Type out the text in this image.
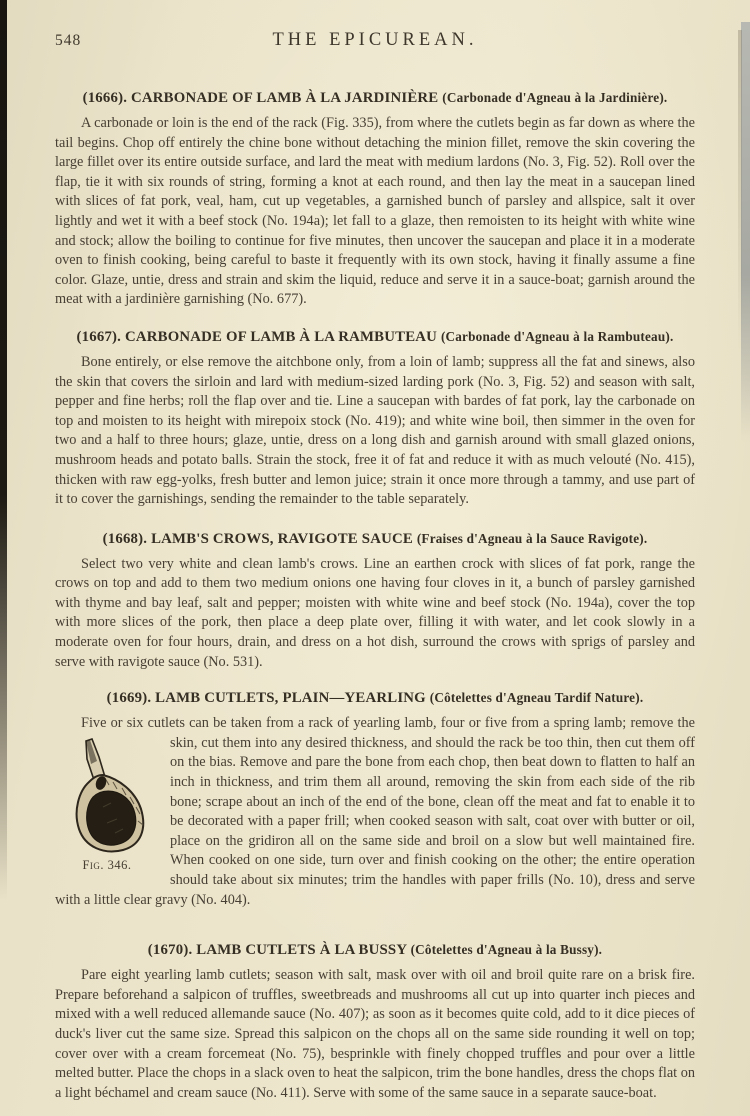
548	THE EPICUREAN.
(1666). CARBONADE OF LAMB À LA JARDINIÈRE (Carbonade d'Agneau à la Jardinière).

A carbonade or loin is the end of the rack (Fig. 335), from where the cutlets begin as far down as where the tail begins. Chop off entirely the chine bone without detaching the minion fillet, remove the skin covering the large fillet over its entire outside surface, and lard the meat with medium lardons (No. 3, Fig. 52). Roll over the flap, tie it with six rounds of string, forming a knot at each round, and then lay the meat in a saucepan lined with slices of fat pork, veal, ham, cut up vegetables, a garnished bunch of parsley and allspice, salt it over lightly and wet it with a beef stock (No. 194a); let fall to a glaze, then remoisten to its height with white wine and stock; allow the boiling to continue for five minutes, then uncover the saucepan and place it in a moderate oven to finish cooking, being careful to baste it frequently with its own stock, having it finally assume a fine color. Glaze, untie, dress and strain and skim the liquid, reduce and serve it in a sauce-boat; garnish around the meat with a jardinière garnishing (No. 677).

(1667). CARBONADE OF LAMB À LA RAMBUTEAU (Carbonade d'Agneau à la Rambuteau).

Bone entirely, or else remove the aitchbone only, from a loin of lamb; suppress all the fat and sinews, also the skin that covers the sirloin and lard with medium-sized larding pork (No. 3, Fig. 52) and season with salt, pepper and fine herbs; roll the flap over and tie. Line a saucepan with bardes of fat pork, lay the carbonade on top and moisten to its height with mirepoix stock (No. 419); and white wine boil, then simmer in the oven for two and a half to three hours; glaze, untie, dress on a long dish and garnish around with small glazed onions, mushroom heads and potato balls. Strain the stock, free it of fat and reduce it with as much velouté (No. 415), thicken with raw egg-yolks, fresh butter and lemon juice; strain it once more through a tammy, and use part of it to cover the garnishings, sending the remainder to the table separately.

(1668). LAMB'S CROWS, RAVIGOTE SAUCE (Fraises d'Agneau à la Sauce Ravigote).

Select two very white and clean lamb's crows. Line an earthen crock with slices of fat pork, range the crows on top and add to them two medium onions one having four cloves in it, a bunch of parsley garnished with thyme and bay leaf, salt and pepper; moisten with white wine and beef stock (No. 194a), cover the top with more slices of the pork, then place a deep plate over, filling it with water, and let cook slowly in a moderate oven for four hours, drain, and dress on a hot dish, surround the crows with sprigs of parsley and serve with ravigote sauce (No. 531).

(1669). LAMB CUTLETS, PLAIN—YEARLING (Côtelettes d'Agneau Tardif Nature).

Five or six cutlets can be taken from a rack of yearling lamb, four or five from a spring lamb;
Fig. 346.
remove the skin, cut them into any desired thickness, and should the rack be too thin, then cut them off on the bias. Remove and pare the bone from each chop, then beat down to flatten to half an inch in thickness, and trim them all around, removing the skin from each side of the rib bone; scrape about an inch of the end of the bone, clean off the meat and fat to enable it to be decorated with a paper frill; when cooked season with salt, coat over with butter or oil, place on the gridiron all on the same side and broil on a slow but well maintained fire. When cooked on one side, turn over and finish cooking on the other; the entire operation should take about six minutes; trim the handles with paper frills (No. 10), dress and serve with a little clear gravy (No. 404).

(1670). LAMB CUTLETS À LA BUSSY (Côtelettes d'Agneau à la Bussy).

Pare eight yearling lamb cutlets; season with salt, mask over with oil and broil quite rare on a brisk fire. Prepare beforehand a salpicon of truffles, sweetbreads and mushrooms all cut up into quarter inch pieces and mixed with a well reduced allemande sauce (No. 407); as soon as it becomes quite cold, add to it dice pieces of duck's liver cut the same size. Spread this salpicon on the chops all on the same side rounding it well on top; cover over with a cream forcemeat (No. 75), besprinkle with finely chopped truffles and pour over a little melted butter. Place the chops in a slack oven to heat the salpicon, trim the bone handles, dress the chops flat on a light béchamel and cream sauce (No. 411). Serve with some of the same sauce in a separate sauce-boat.
